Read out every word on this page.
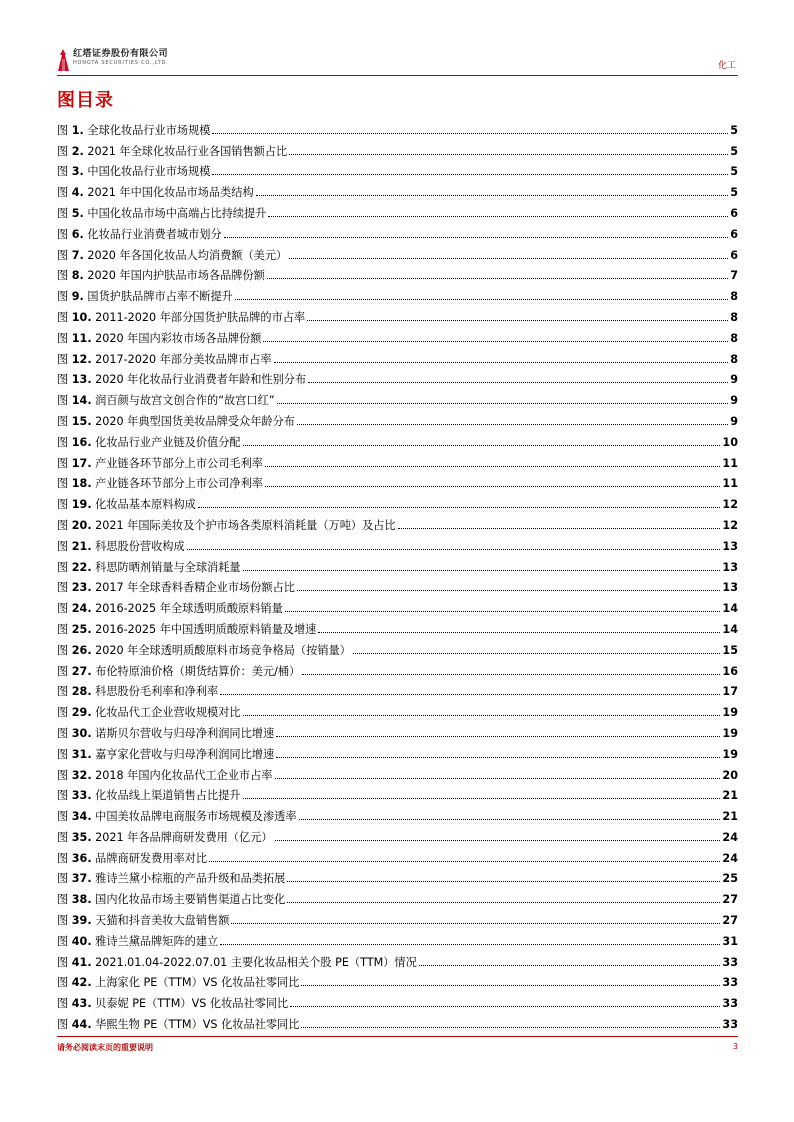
红塔证券股份有限公司
HONGTA SECURITIES CO.,LTD.	化工
图目录
图 1. 全球化妆品行业市场规模	5
图 2. 2021 年全球化妆品行业各国销售额占比	5
图 3. 中国化妆品行业市场规模	5
图 4. 2021 年中国化妆品市场品类结构	5
图 5. 中国化妆品市场中高端占比持续提升	6
图 6. 化妆品行业消费者城市划分	6
图 7. 2020 年各国化妆品人均消费额（美元）	6
图 8. 2020 年国内护肤品市场各品牌份额	7
图 9. 国货护肤品牌市占率不断提升	8
图 10. 2011-2020 年部分国货护肤品牌的市占率	8
图 11. 2020 年国内彩妆市场各品牌份额	8
图 12. 2017-2020 年部分美妆品牌市占率	8
图 13. 2020 年化妆品行业消费者年龄和性别分布	9
图 14. 润百颜与故宫文创合作的“故宫口红”	9
图 15. 2020 年典型国货美妆品牌受众年龄分布	9
图 16. 化妆品行业产业链及价值分配	10
图 17. 产业链各环节部分上市公司毛利率	11
图 18. 产业链各环节部分上市公司净利率	11
图 19. 化妆品基本原料构成	12
图 20. 2021 年国际美妆及个护市场各类原料消耗量（万吨）及占比	12
图 21. 科思股份营收构成	13
图 22. 科思防晒剂销量与全球消耗量	13
图 23. 2017 年全球香料香精企业市场份额占比	13
图 24. 2016-2025 年全球透明质酸原料销量	14
图 25. 2016-2025 年中国透明质酸原料销量及增速	14
图 26. 2020 年全球透明质酸原料市场竞争格局（按销量）	15
图 27. 布伦特原油价格（期货结算价：美元/桶）	16
图 28. 科思股份毛利率和净利率	17
图 29. 化妆品代工企业营收规模对比	19
图 30. 诺斯贝尔营收与归母净利润同比增速	19
图 31. 嘉亨家化营收与归母净利润同比增速	19
图 32. 2018 年国内化妆品代工企业市占率	20
图 33. 化妆品线上渠道销售占比提升	21
图 34. 中国美妆品牌电商服务市场规模及渗透率	21
图 35. 2021 年各品牌商研发费用（亿元）	24
图 36. 品牌商研发费用率对比	24
图 37. 雅诗兰黛小棕瓶的产品升级和品类拓展	25
图 38. 国内化妆品市场主要销售渠道占比变化	27
图 39. 天猫和抖音美妆大盘销售额	27
图 40. 雅诗兰黛品牌矩阵的建立	31
图 41. 2021.01.04-2022.07.01 主要化妆品相关个股 PE（TTM）情况	33
图 42. 上海家化 PE（TTM）VS 化妆品社零同比	33
图 43. 贝泰妮 PE（TTM）VS 化妆品社零同比	33
图 44. 华熙生物 PE（TTM）VS 化妆品社零同比	33
请务必阅读末页的重要说明	3
